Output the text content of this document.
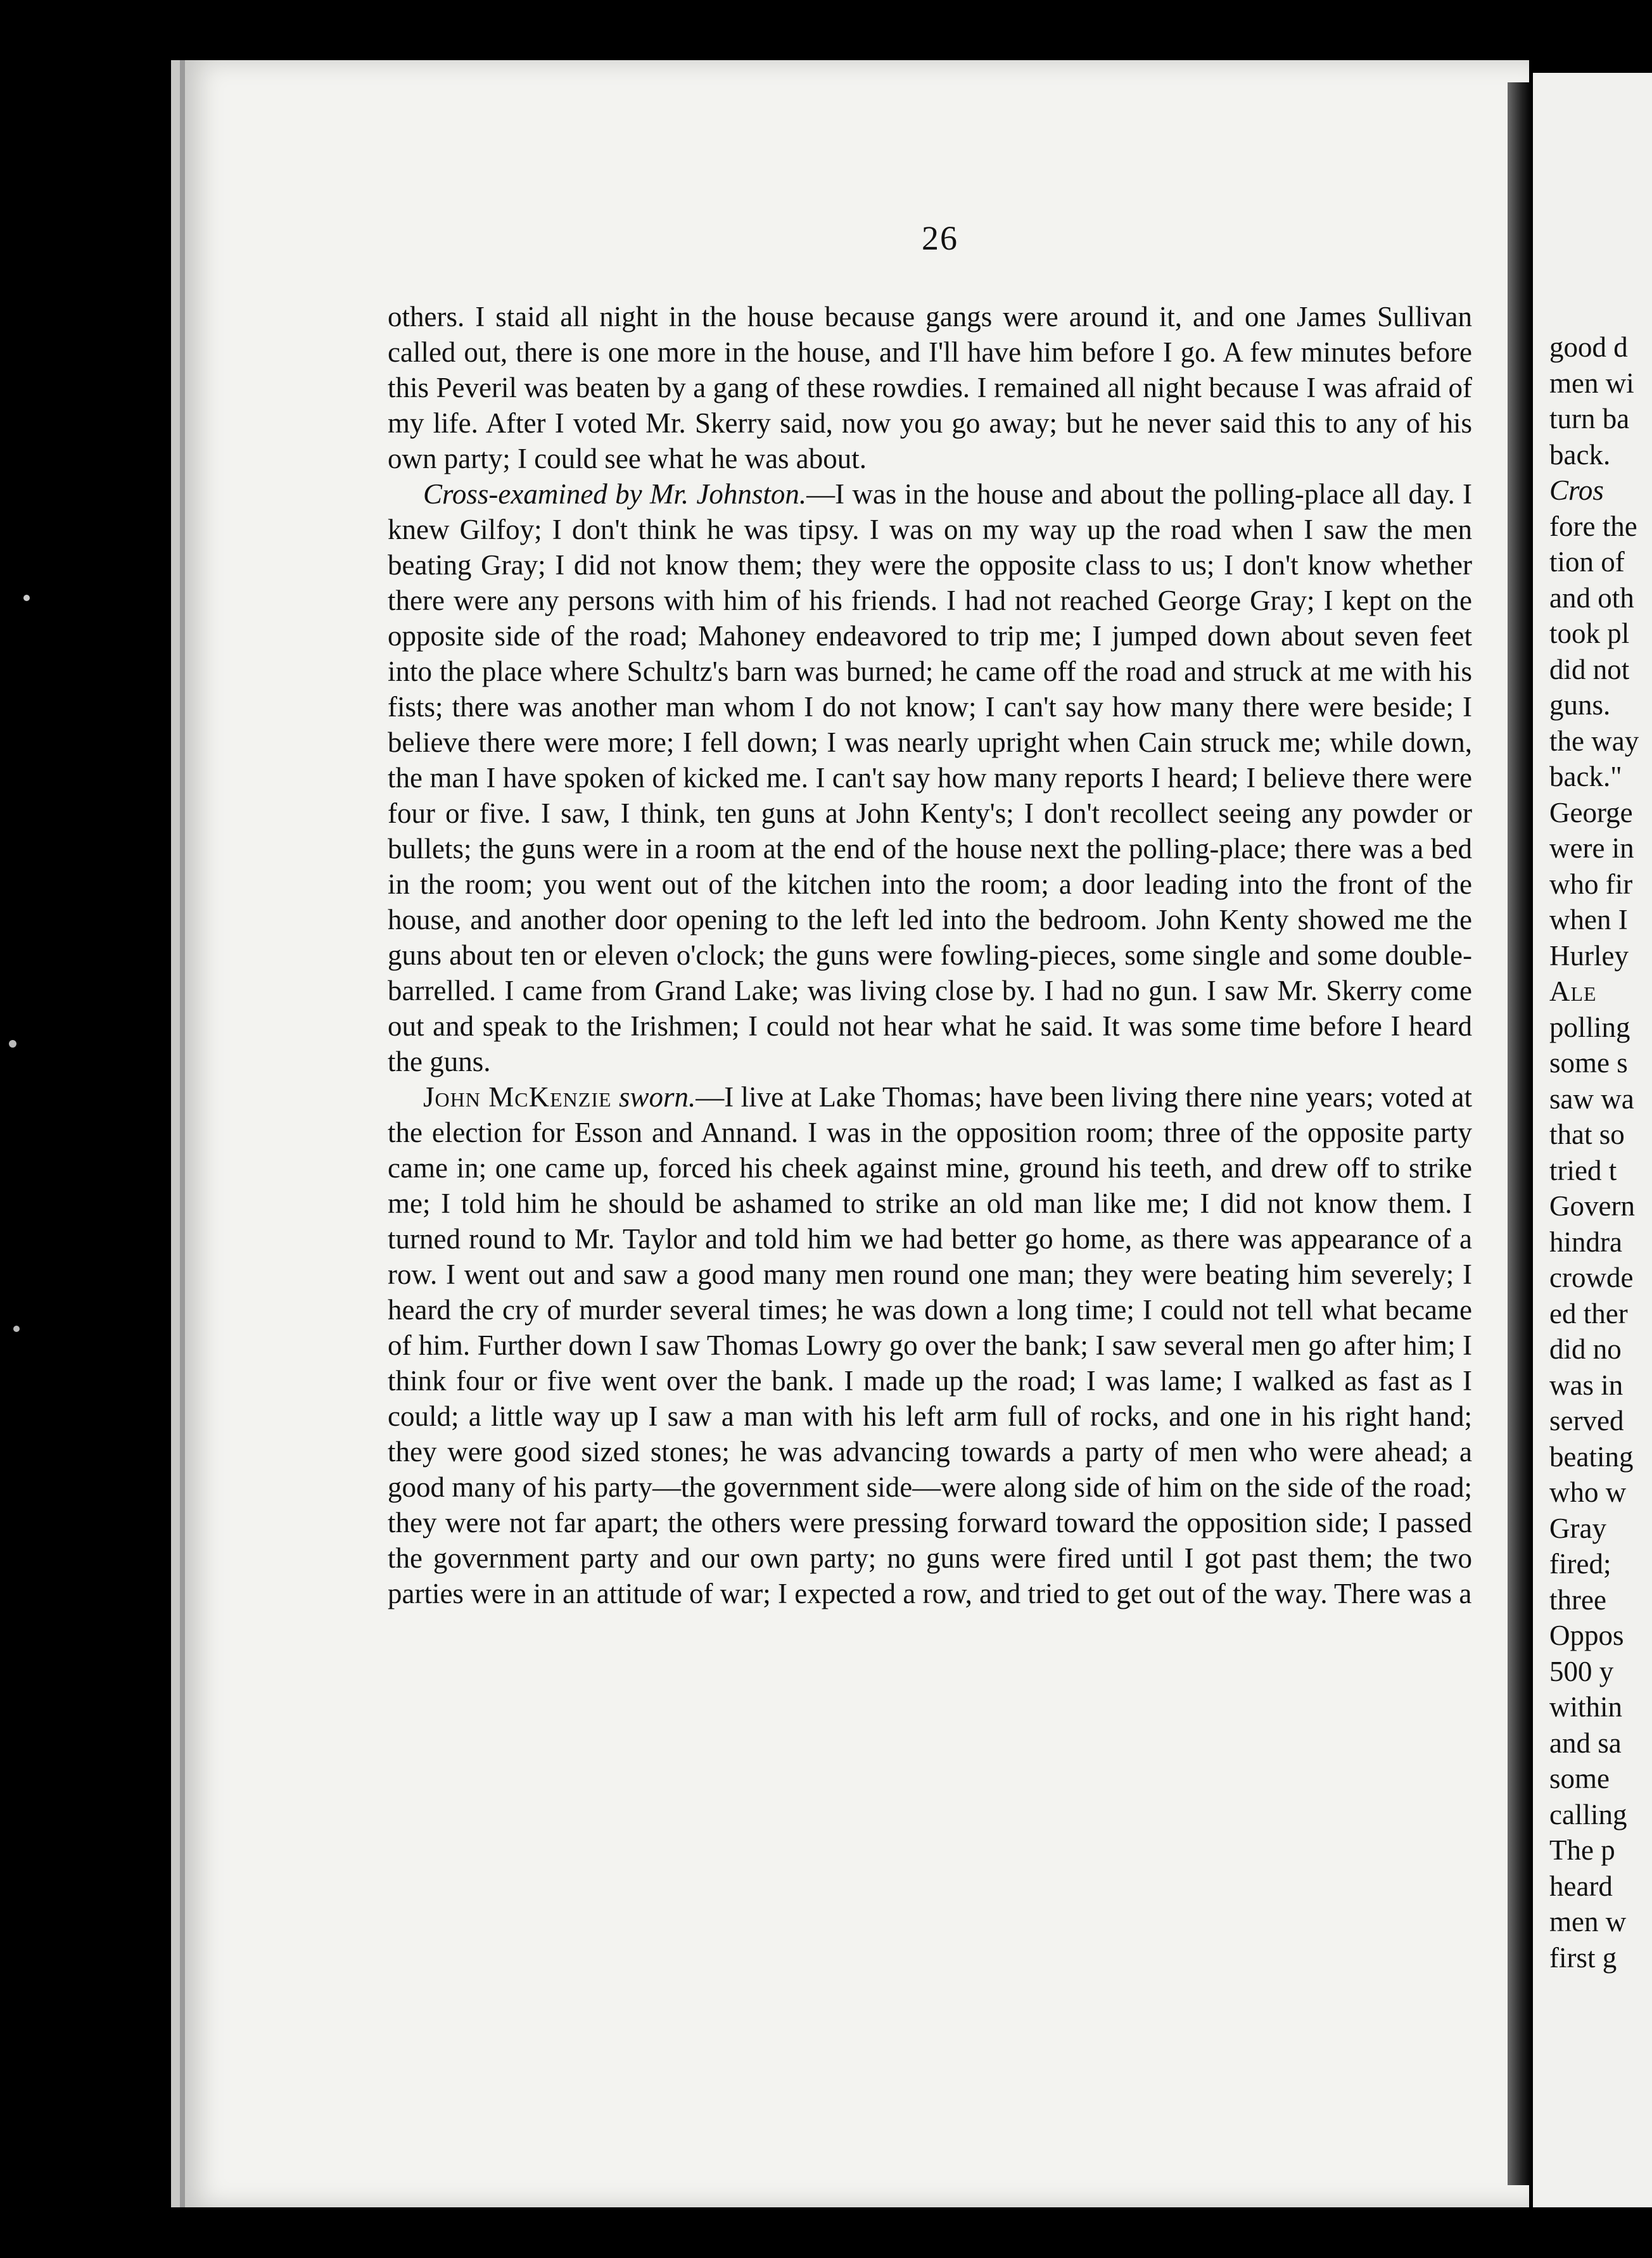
26

others. I staid all night in the house because gangs were around it, and one James Sullivan called out, there is one more in the house, and I'll have him before I go. A few minutes before this Peveril was beaten by a gang of these rowdies. I remained all night because I was afraid of my life. After I voted Mr. Skerry said, now you go away; but he never said this to any of his own party; I could see what he was about.

Cross-examined by Mr. Johnston.—I was in the house and about the polling-place all day. I knew Gilfoy; I don't think he was tipsy. I was on my way up the road when I saw the men beating Gray; I did not know them; they were the opposite class to us; I don't know whether there were any persons with him of his friends. I had not reached George Gray; I kept on the opposite side of the road; Mahoney endeavored to trip me; I jumped down about seven feet into the place where Schultz's barn was burned; he came off the road and struck at me with his fists; there was another man whom I do not know; I can't say how many there were beside; I believe there were more; I fell down; I was nearly upright when Cain struck me; while down, the man I have spoken of kicked me. I can't say how many reports I heard; I believe there were four or five. I saw, I think, ten guns at John Kenty's; I don't recollect seeing any powder or bullets; the guns were in a room at the end of the house next the polling-place; there was a bed in the room; you went out of the kitchen into the room; a door leading into the front of the house, and another door opening to the left led into the bedroom. John Kenty showed me the guns about ten or eleven o'clock; the guns were fowling-pieces, some single and some double-barrelled. I came from Grand Lake; was living close by. I had no gun. I saw Mr. Skerry come out and speak to the Irishmen; I could not hear what he said. It was some time before I heard the guns.

John McKenzie sworn.—I live at Lake Thomas; have been living there nine years; voted at the election for Esson and Annand. I was in the opposition room; three of the opposite party came in; one came up, forced his cheek against mine, ground his teeth, and drew off to strike me; I told him he should be ashamed to strike an old man like me; I did not know them. I turned round to Mr. Taylor and told him we had better go home, as there was appearance of a row. I went out and saw a good many men round one man; they were beating him severely; I heard the cry of murder several times; he was down a long time; I could not tell what became of him. Further down I saw Thomas Lowry go over the bank; I saw several men go after him; I think four or five went over the bank. I made up the road; I was lame; I walked as fast as I could; a little way up I saw a man with his left arm full of rocks, and one in his right hand; they were good sized stones; he was advancing towards a party of men who were ahead; a good many of his party—the government side—were along side of him on the side of the road; they were not far apart; the others were pressing forward toward the opposition side; I passed the government party and our own party; no guns were fired until I got past them; the two parties were in an attitude of war; I expected a row, and tried to get out of the way. There was a

good d
men wi
turn ba
back.
Cros
fore the
tion of
and oth
took pl
did not
guns.
the way
back."
George
were in
who fir
when I
Hurley
Ale
polling
some s
saw wa
that so
tried t
Govern
hindra
crowde
ed ther
did no
was in
served
beating
who w
Gray
fired;
three
Oppos
500 y
within
and sa
some
calling
The p
heard
men w
first g
